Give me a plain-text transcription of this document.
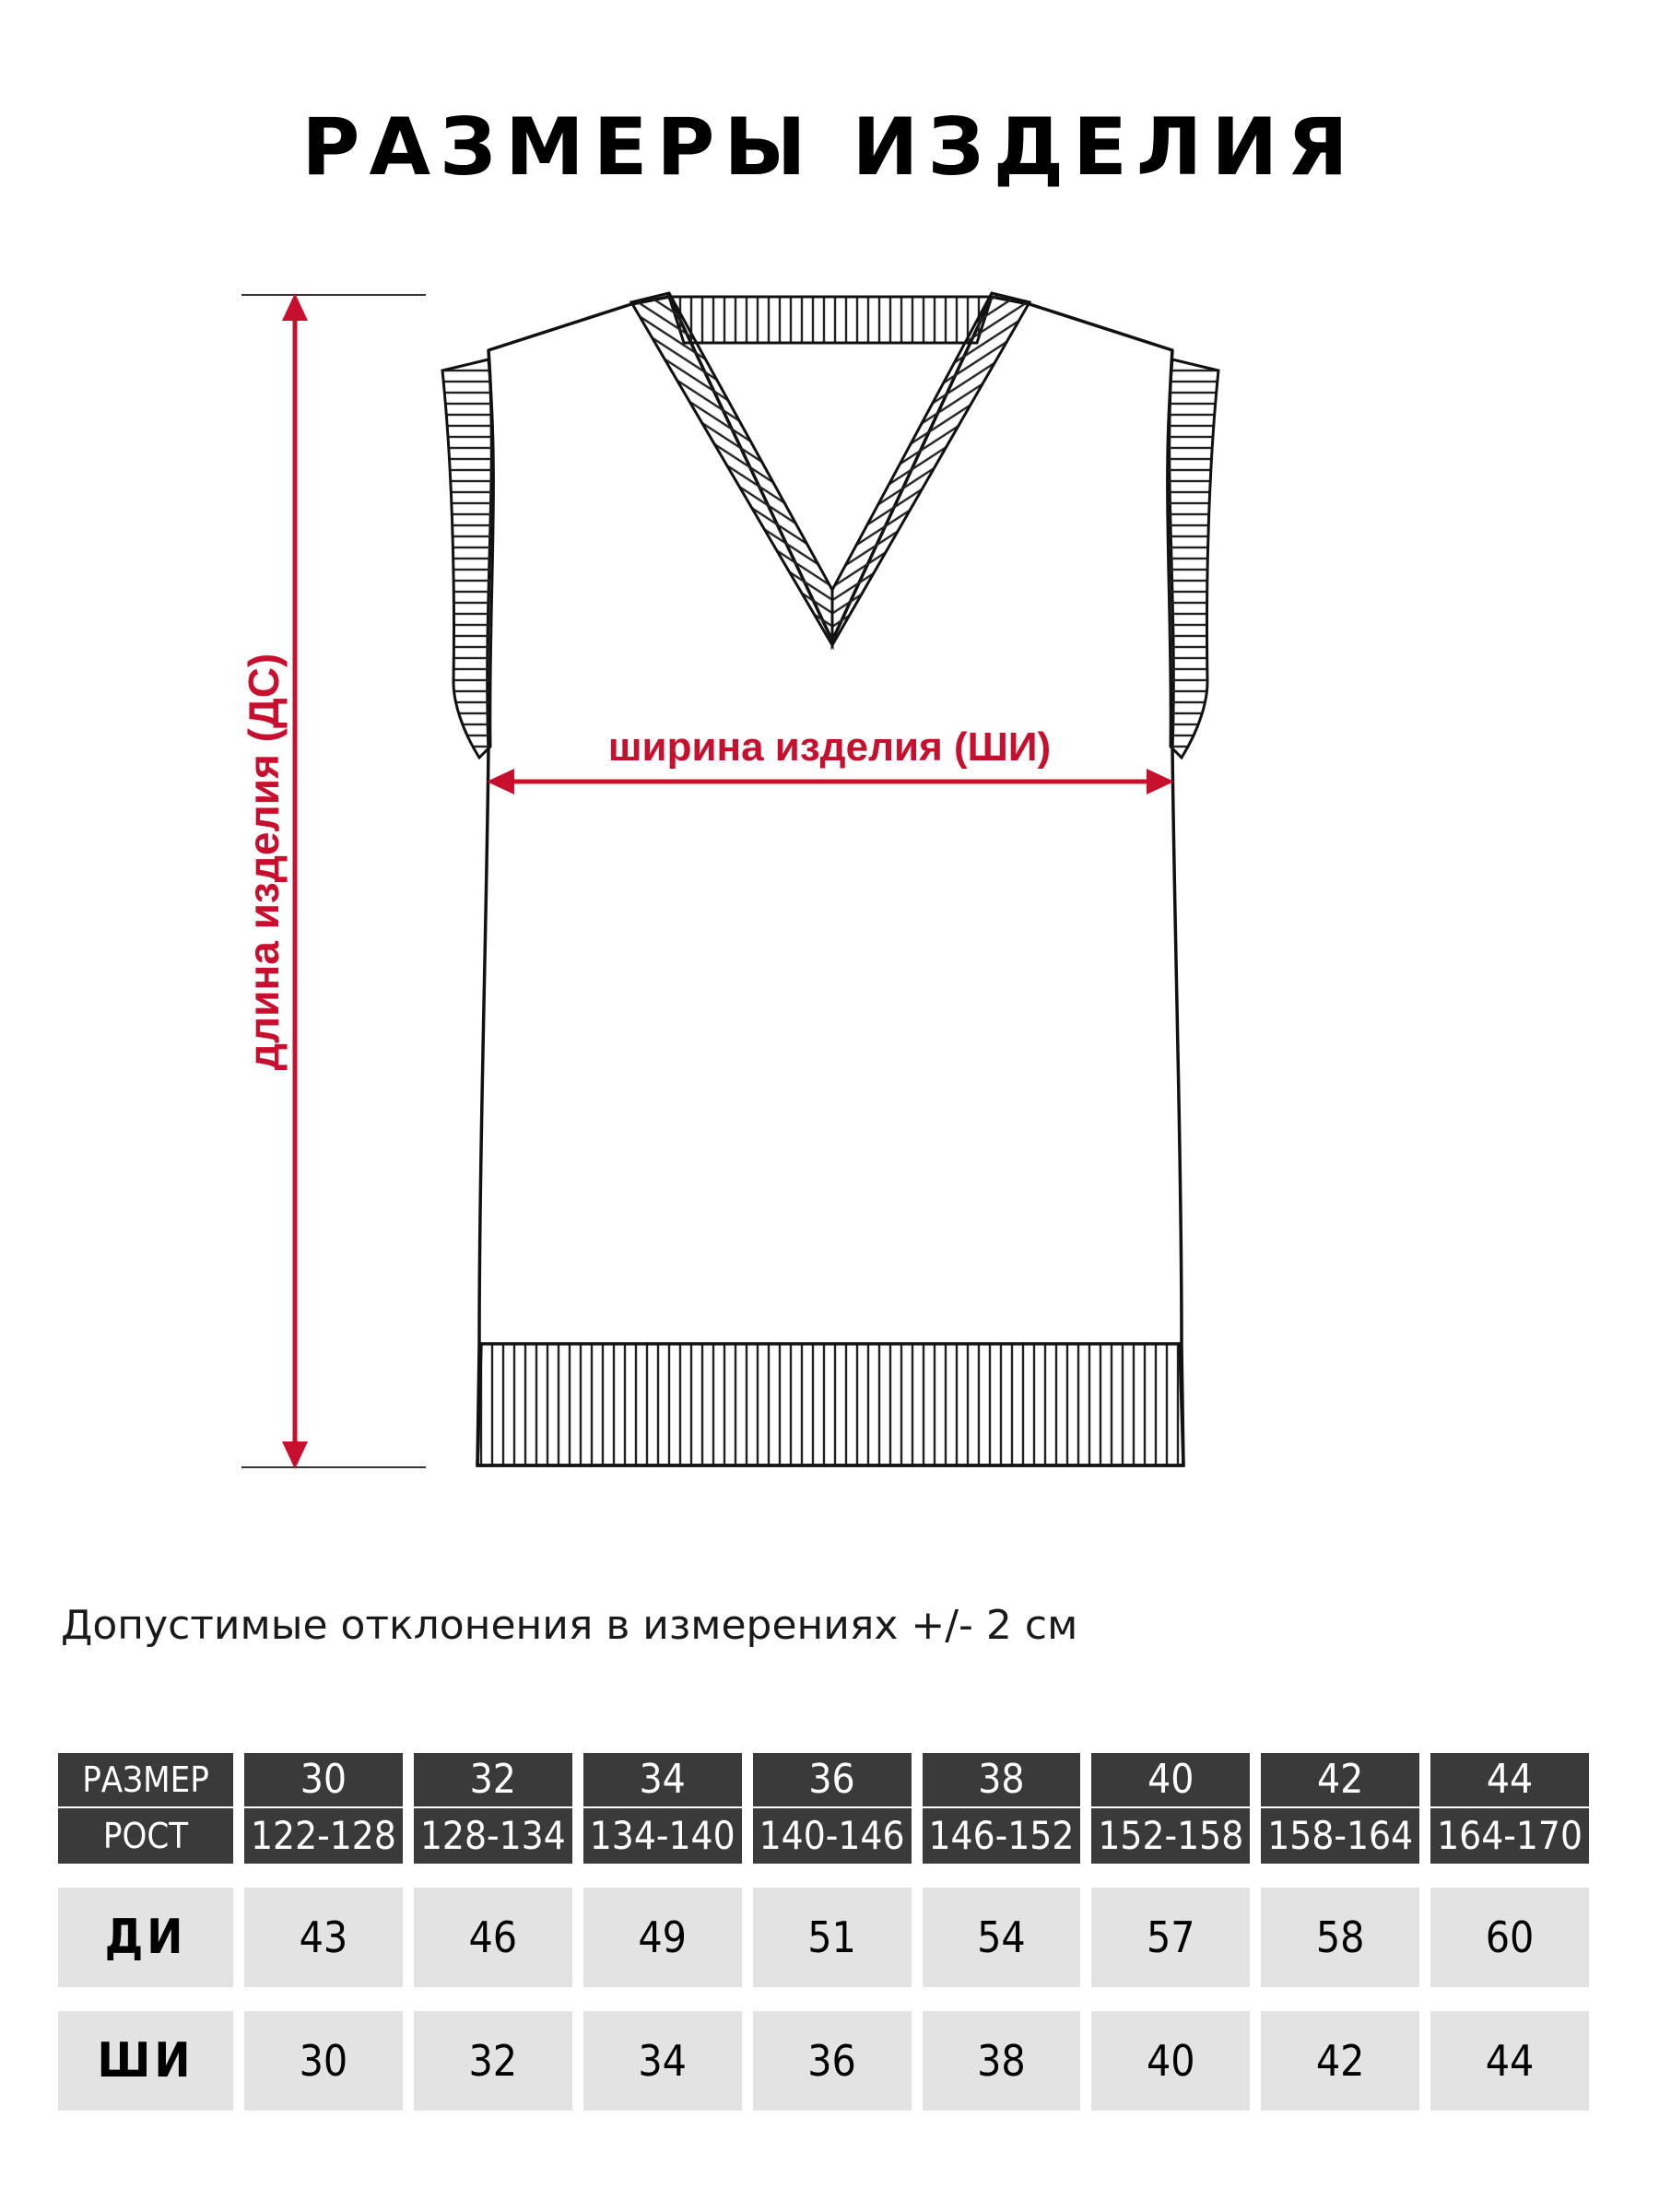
РАЗМЕРЫ ИЗДЕЛИЯ
длина изделия (ДС)	ширина изделия (ШИ)
Допустимые отклонения в измерениях +/- 2 см
РАЗМЕР	30	32	34	36	38	40	42	44
РОСТ	122-128	128-134	134-140	140-146	146-152	152-158	158-164	164-170

ДИ	43	46	49	51	54	57	58	60

ШИ	30	32	34	36	38	40	42	44
